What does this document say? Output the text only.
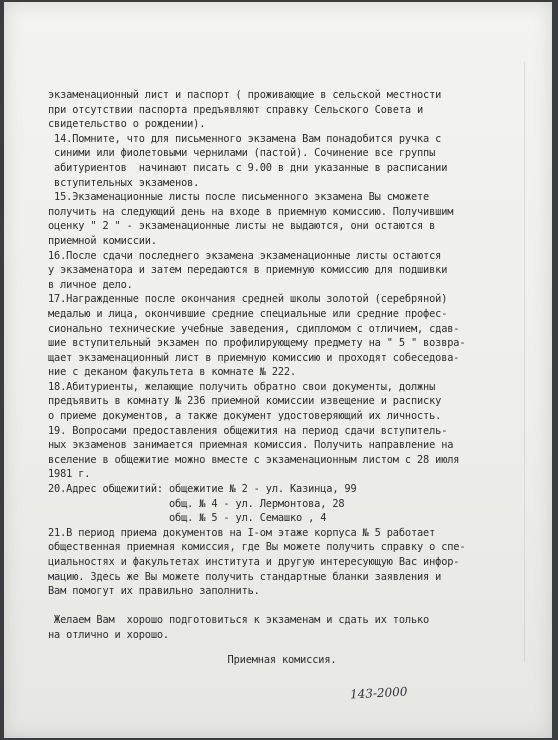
экзаменационный лист и паспорт ( проживающие в сельской местности
при отсутствии паспорта предъявляют справку Сельского Совета и
свидетельство о рождении).
14.Помните, что для письменного экзамена Вам понадобится ручка с
синими или фиолетовыми чернилами (пастой). Сочинение все группы
абитуриентов  начинают писать с 9.00 в дни указанные в расписании
вступительных экзаменов.
15.Экзаменационные листы после письменного экзамена Вы сможете
получить на следующий день на входе в приемную комиссию. Получившим
оценку " 2 " - экзаменационные листы не выдаются, они остаются в
приемной комиссии.
16.После сдачи последнего экзамена экзаменационные листы остаются
у экзаменатора и затем передаются в приемную комиссию для подшивки
в личное дело.
17.Награжденные после окончания средней школы золотой (серебряной)
медалью и лица, окончившие средние специальные или средние профес-
сионально технические учебные заведения, сдипломом с отличием, сдав-
шие вступительный экзамен по профилирующему предмету на " 5 " возвра-
щает экзаменационный лист в приемную комиссию и проходят собеседова-
ние с деканом факультета в комнате № 222.
18.Абитуриенты, желающие получить обратно свои документы, должны
предъявить в комнату № 236 приемной комиссии извещение и расписку
о приеме документов, а также документ удостоверяющий их личность.
19. Вопросами предоставления общежития на период сдачи вступитель-
ных экзаменов занимается приемная комиссия. Получить направление на
вселение в общежитие можно вместе с экзаменационным листом с 28 июля
1981 г.
20.Адрес общежитий: общежитие № 2 - ул. Казинца, 99
общ. № 4 - ул. Лермонтова, 28
общ. № 5 - ул. Семашко , 4
21.В период приема документов на I-ом этаже корпуса № 5 работает
общественная приемная комиссия, где Вы можете получить справку о спе-
циальностях и факультетах института и другую интересующую Вас инфор-
мацию. Здесь же Вы можете получить стандартные бланки заявления и
Вам помогут их правильно заполнить.
Желаем Вам  хорошо подготовиться к экзаменам и сдать их только
на отлично и хорошо.
Приемная комиссия.
143-2000
